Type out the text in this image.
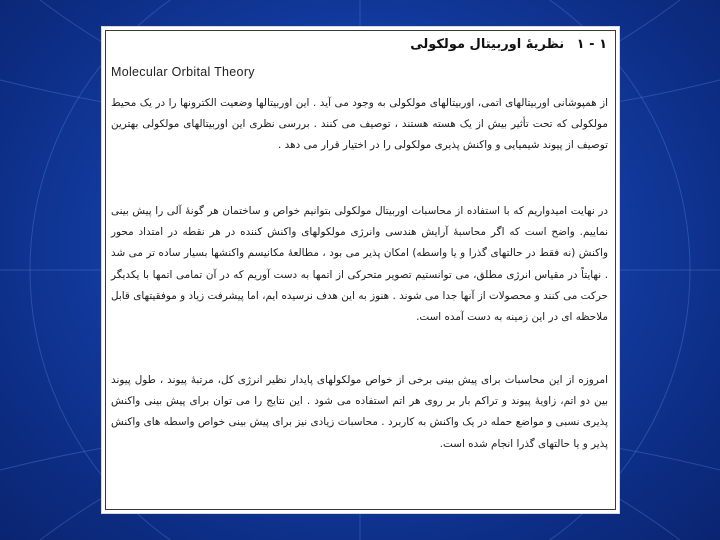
۱ - ۱ نظریهٔ اوربیتال مولکولی
Molecular Orbital Theory

از همپوشانی اوربیتالهای اتمی، اوربیتالهای مولکولی به وجود می آید . این اوربیتالها وضعیت الکترونها را در یک محیط مولکولی که تحت تأثیر بیش از یک هسته هستند ، توصیف می کنند . بررسی نظری این اوربیتالهای مولکولی بهترین توصیف از پیوند شیمیایی و واکنش پذیری مولکولی را در اختیار قرار می دهد .

در نهایت امیدواریم که با استفاده از محاسبات اوربیتال مولکولی بتوانیم خواص و ساختمان هر گونهٔ آلی را پیش بینی نماییم. واضح است که اگر محاسبهٔ آرایش هندسی وانرژی مولکولهای واکنش کننده در هر نقطه در امتداد محور واکنش (نه فقط در حالتهای گذرا و یا واسطه) امکان پذیر می بود ، مطالعهٔ مکانیسم واکنشها بسیار ساده تر می شد . نهایتاً در مقیاس انرژی مطلق، می توانستیم تصویر متحرکی از اتمها به دست آوریم که در آن تمامی اتمها با یکدیگر حرکت می کنند و محصولات از آنها جدا می شوند . هنوز به این هدف نرسیده ایم، اما پیشرفت زیاد و موفقیتهای قابل ملاحظه ای در این زمینه به دست آمده است.

امروزه از این محاسبات برای پیش بینی برخی از خواص مولکولهای پایدار نظیر انرژی کل، مرتبهٔ پیوند ، طول پیوند بین دو اتم، زاویهٔ پیوند و تراکم بار بر روی هر اتم استفاده می شود . این نتایج را می توان برای پیش بینی واکنش پذیری نسبی و مواضع حمله در یک واکنش به کاربرد . محاسبات زیادی نیز برای پیش بینی خواص واسطه های واکنش پذیر و یا حالتهای گذرا انجام شده است.
